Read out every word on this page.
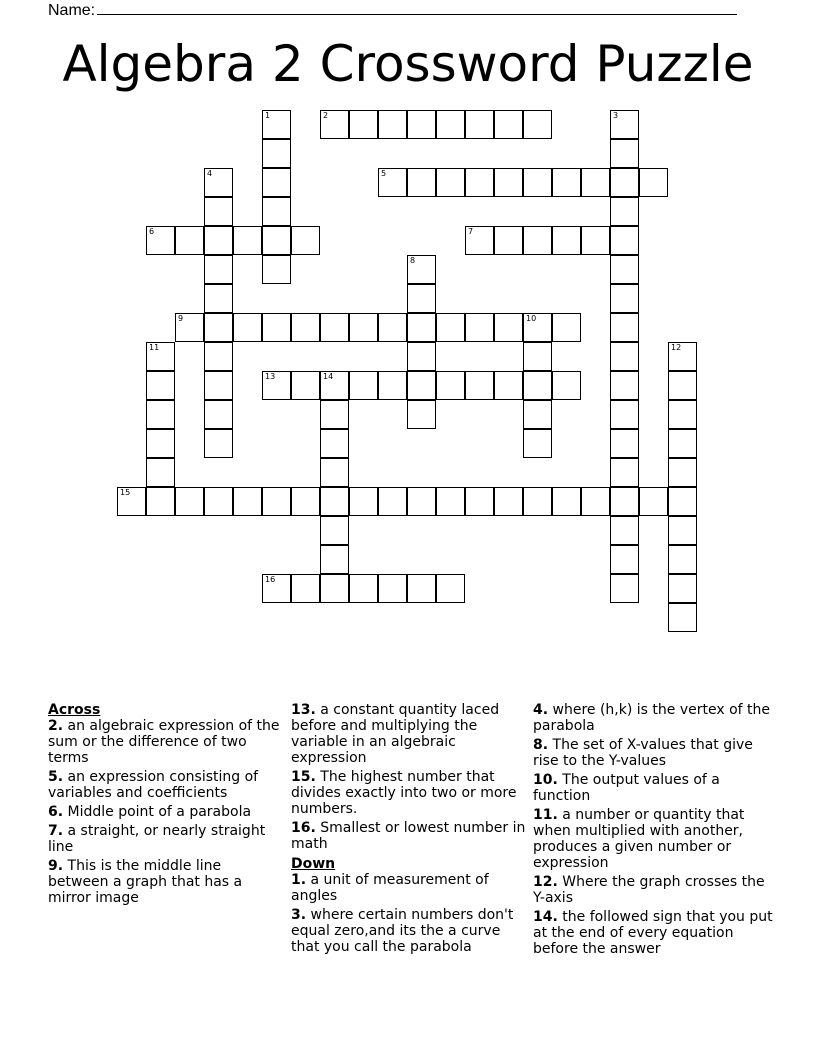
Name:
Algebra 2 Crossword Puzzle
1	2	3
4	5
6	7
8
9	10
11	12
13	14
15
16
Across
2. an algebraic expression of the sum or the difference of two terms
5. an expression consisting of variables and coefficients
6. Middle point of a parabola
7. a straight, or nearly straight line
9. This is the middle line between a graph that has a mirror image
13. a constant quantity laced before and multiplying the variable in an algebraic expression
15. The highest number that divides exactly into two or more numbers.
16. Smallest or lowest number in math
Down
1. a unit of measurement of angles
3. where certain numbers don't equal zero,and its the a curve that you call the parabola
4. where (h,k) is the vertex of the parabola
8. The set of X-values that give rise to the Y-values
10. The output values of a function
11. a number or quantity that when multiplied with another, produces a given number or expression
12. Where the graph crosses the Y-axis
14. the followed sign that you put at the end of every equation before the answer
